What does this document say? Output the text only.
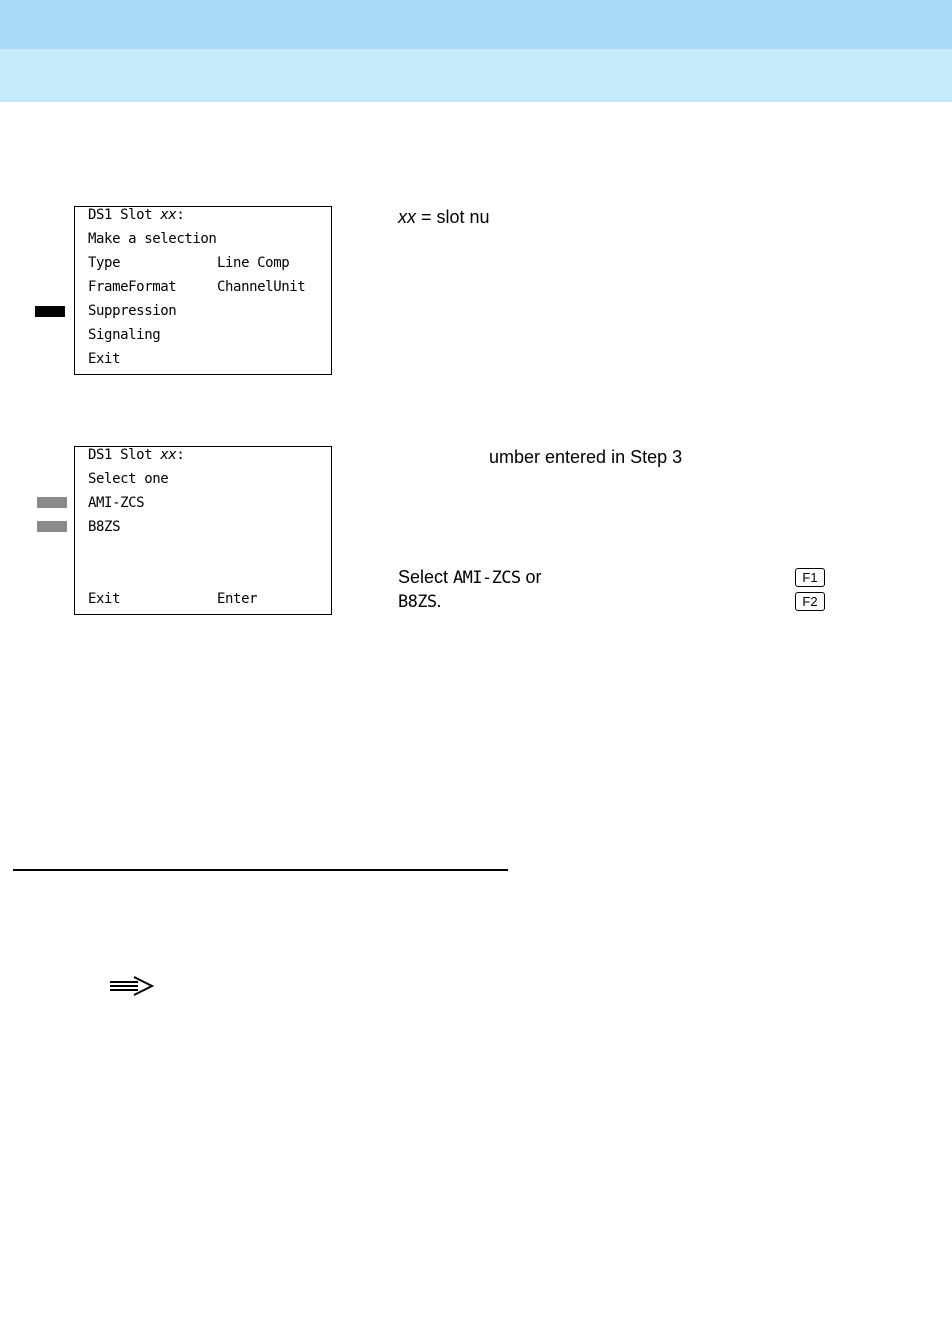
DS1 Slot xx:
Make a selection
Type	Line Comp
FrameFormat	ChannelUnit
Suppression
Signaling
Exit
xx = slot nu
DS1 Slot xx:
Select one
AMI-ZCS
B8ZS
Exit	Enter
umber entered in Step 3
Select AMI-ZCS or
B8ZS.
F1
F2
